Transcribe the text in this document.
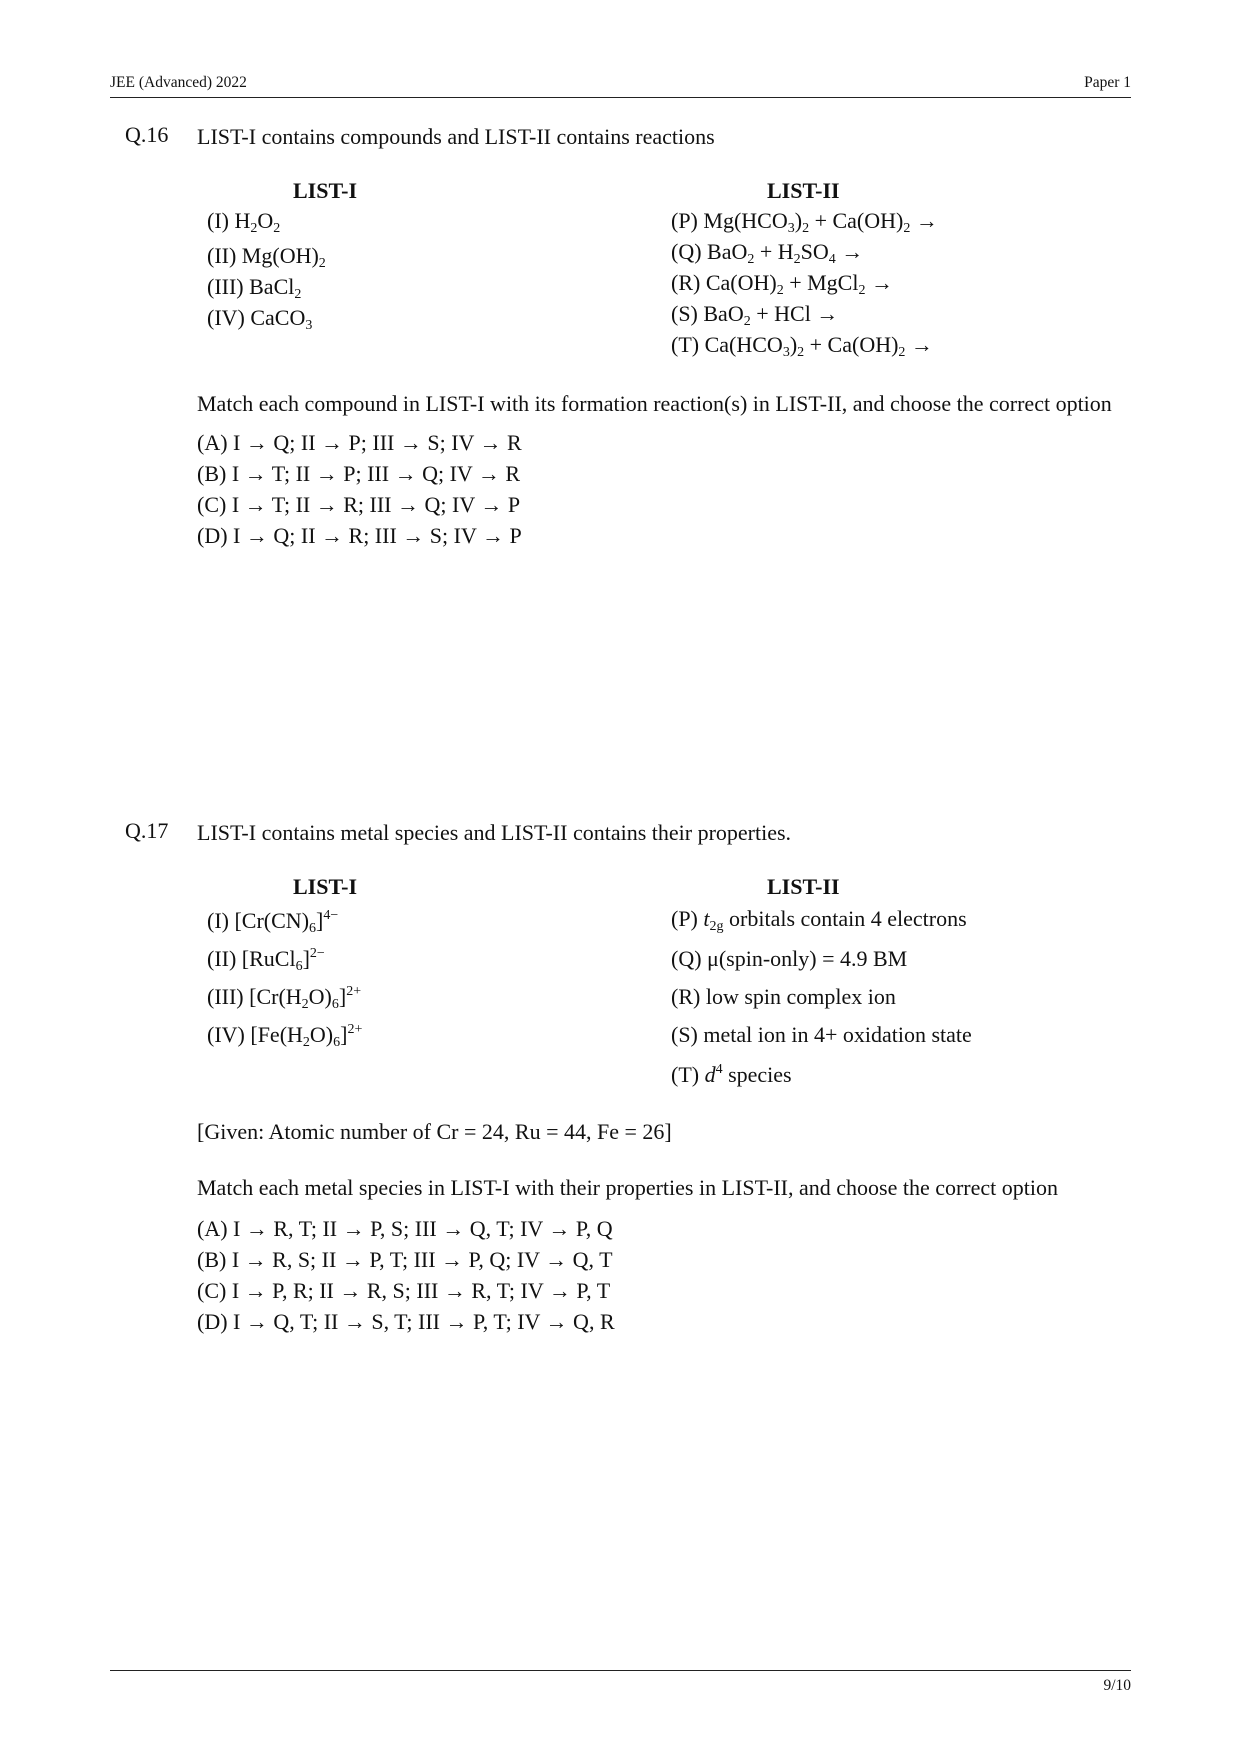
JEE (Advanced) 2022	Paper 1
Q.16 LIST-I contains compounds and LIST-II contains reactions
LIST-I
(I) $H_2O_2$
(II) $Mg(OH)_2$
(III) BaCl$_2$
(IV) CaCO$_3$
LIST-II
(P) $Mg(HCO_3)_2 + Ca(OH)_2$ →
(Q) $BaO_2 + H_2SO_4$ →
(R) $Ca(OH)_2$ + MgCl$_2$ →
(S) BaO$_2$ + HCl →
(T) $Ca(HCO_3)_2 + Ca(OH)_2$ →
Match each compound in LIST-I with its formation reaction(s) in LIST-II, and choose the correct option
(A) I → Q; II → P; III → S; IV → R
(B) I → T; II → P; III → Q; IV → R
(C) I → T; II → R; III → Q; IV → P
(D) I → Q; II → R; III → S; IV → P
Q.17 LIST-I contains metal species and LIST-II contains their properties.
LIST-I
(I) $[Cr(CN)_6]^{4-}$
(II) [RuCl$_6$]$^{2-}$
(III) $[Cr(H_2O)_6]^{2+}$
(IV) $[Fe(H_2O)_6]^{2+}$
LIST-II
(P) $t_{2g}$ orbitals contain 4 electrons
(Q) μ(spin-only) = 4.9 BM
(R) low spin complex ion
(S) metal ion in 4+ oxidation state
(T) $d^4$ species
[Given: Atomic number of Cr = 24, Ru = 44, Fe = 26]
Match each metal species in LIST-I with their properties in LIST-II, and choose the correct option
(A) I → R, T; II → P, S; III → Q, T; IV → P, Q
(B) I → R, S; II → P, T; III → P, Q; IV → Q, T
(C) I → P, R; II → R, S; III → R, T; IV → P, T
(D) I → Q, T; II → S, T; III → P, T; IV → Q, R
9/10
